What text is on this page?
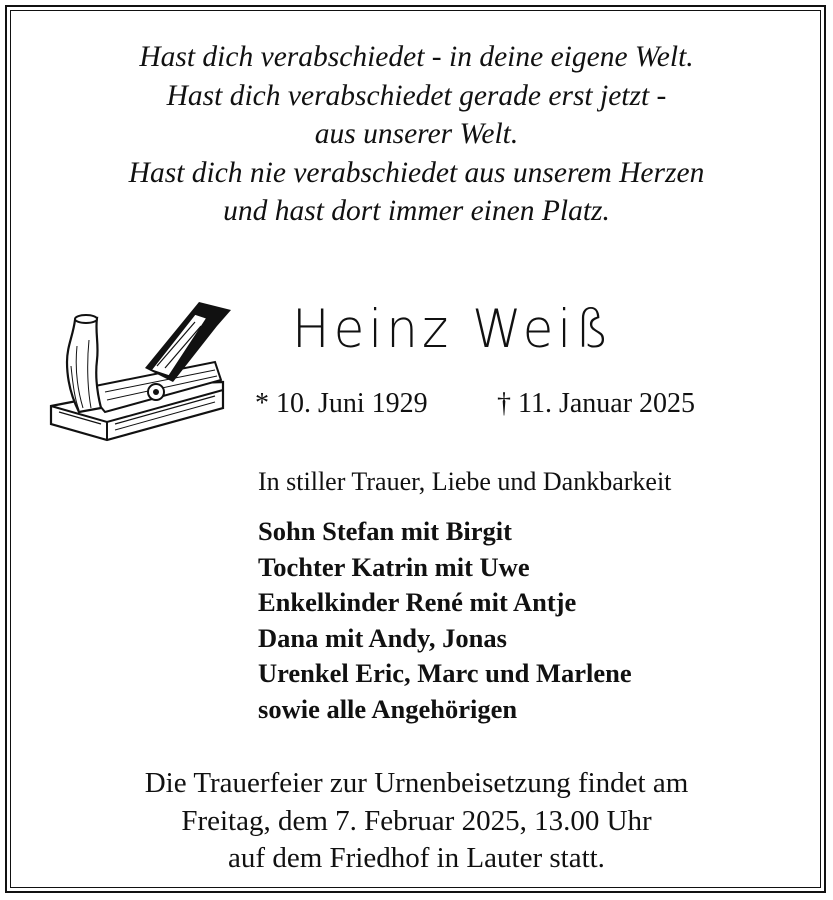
Hast dich verabschiedet - in deine eigene Welt.
Hast dich verabschiedet gerade erst jetzt -
aus unserer Welt.
Hast dich nie verabschiedet aus unserem Herzen
und hast dort immer einen Platz.
Heinz Weiß
* 10. Juni 1929 † 11. Januar 2025
In stiller Trauer, Liebe und Dankbarkeit
Sohn Stefan mit Birgit
Tochter Katrin mit Uwe
Enkelkinder René mit Antje
Dana mit Andy, Jonas
Urenkel Eric, Marc und Marlene
sowie alle Angehörigen
Die Trauerfeier zur Urnenbeisetzung findet am
Freitag, dem 7. Februar 2025, 13.00 Uhr
auf dem Friedhof in Lauter statt.
